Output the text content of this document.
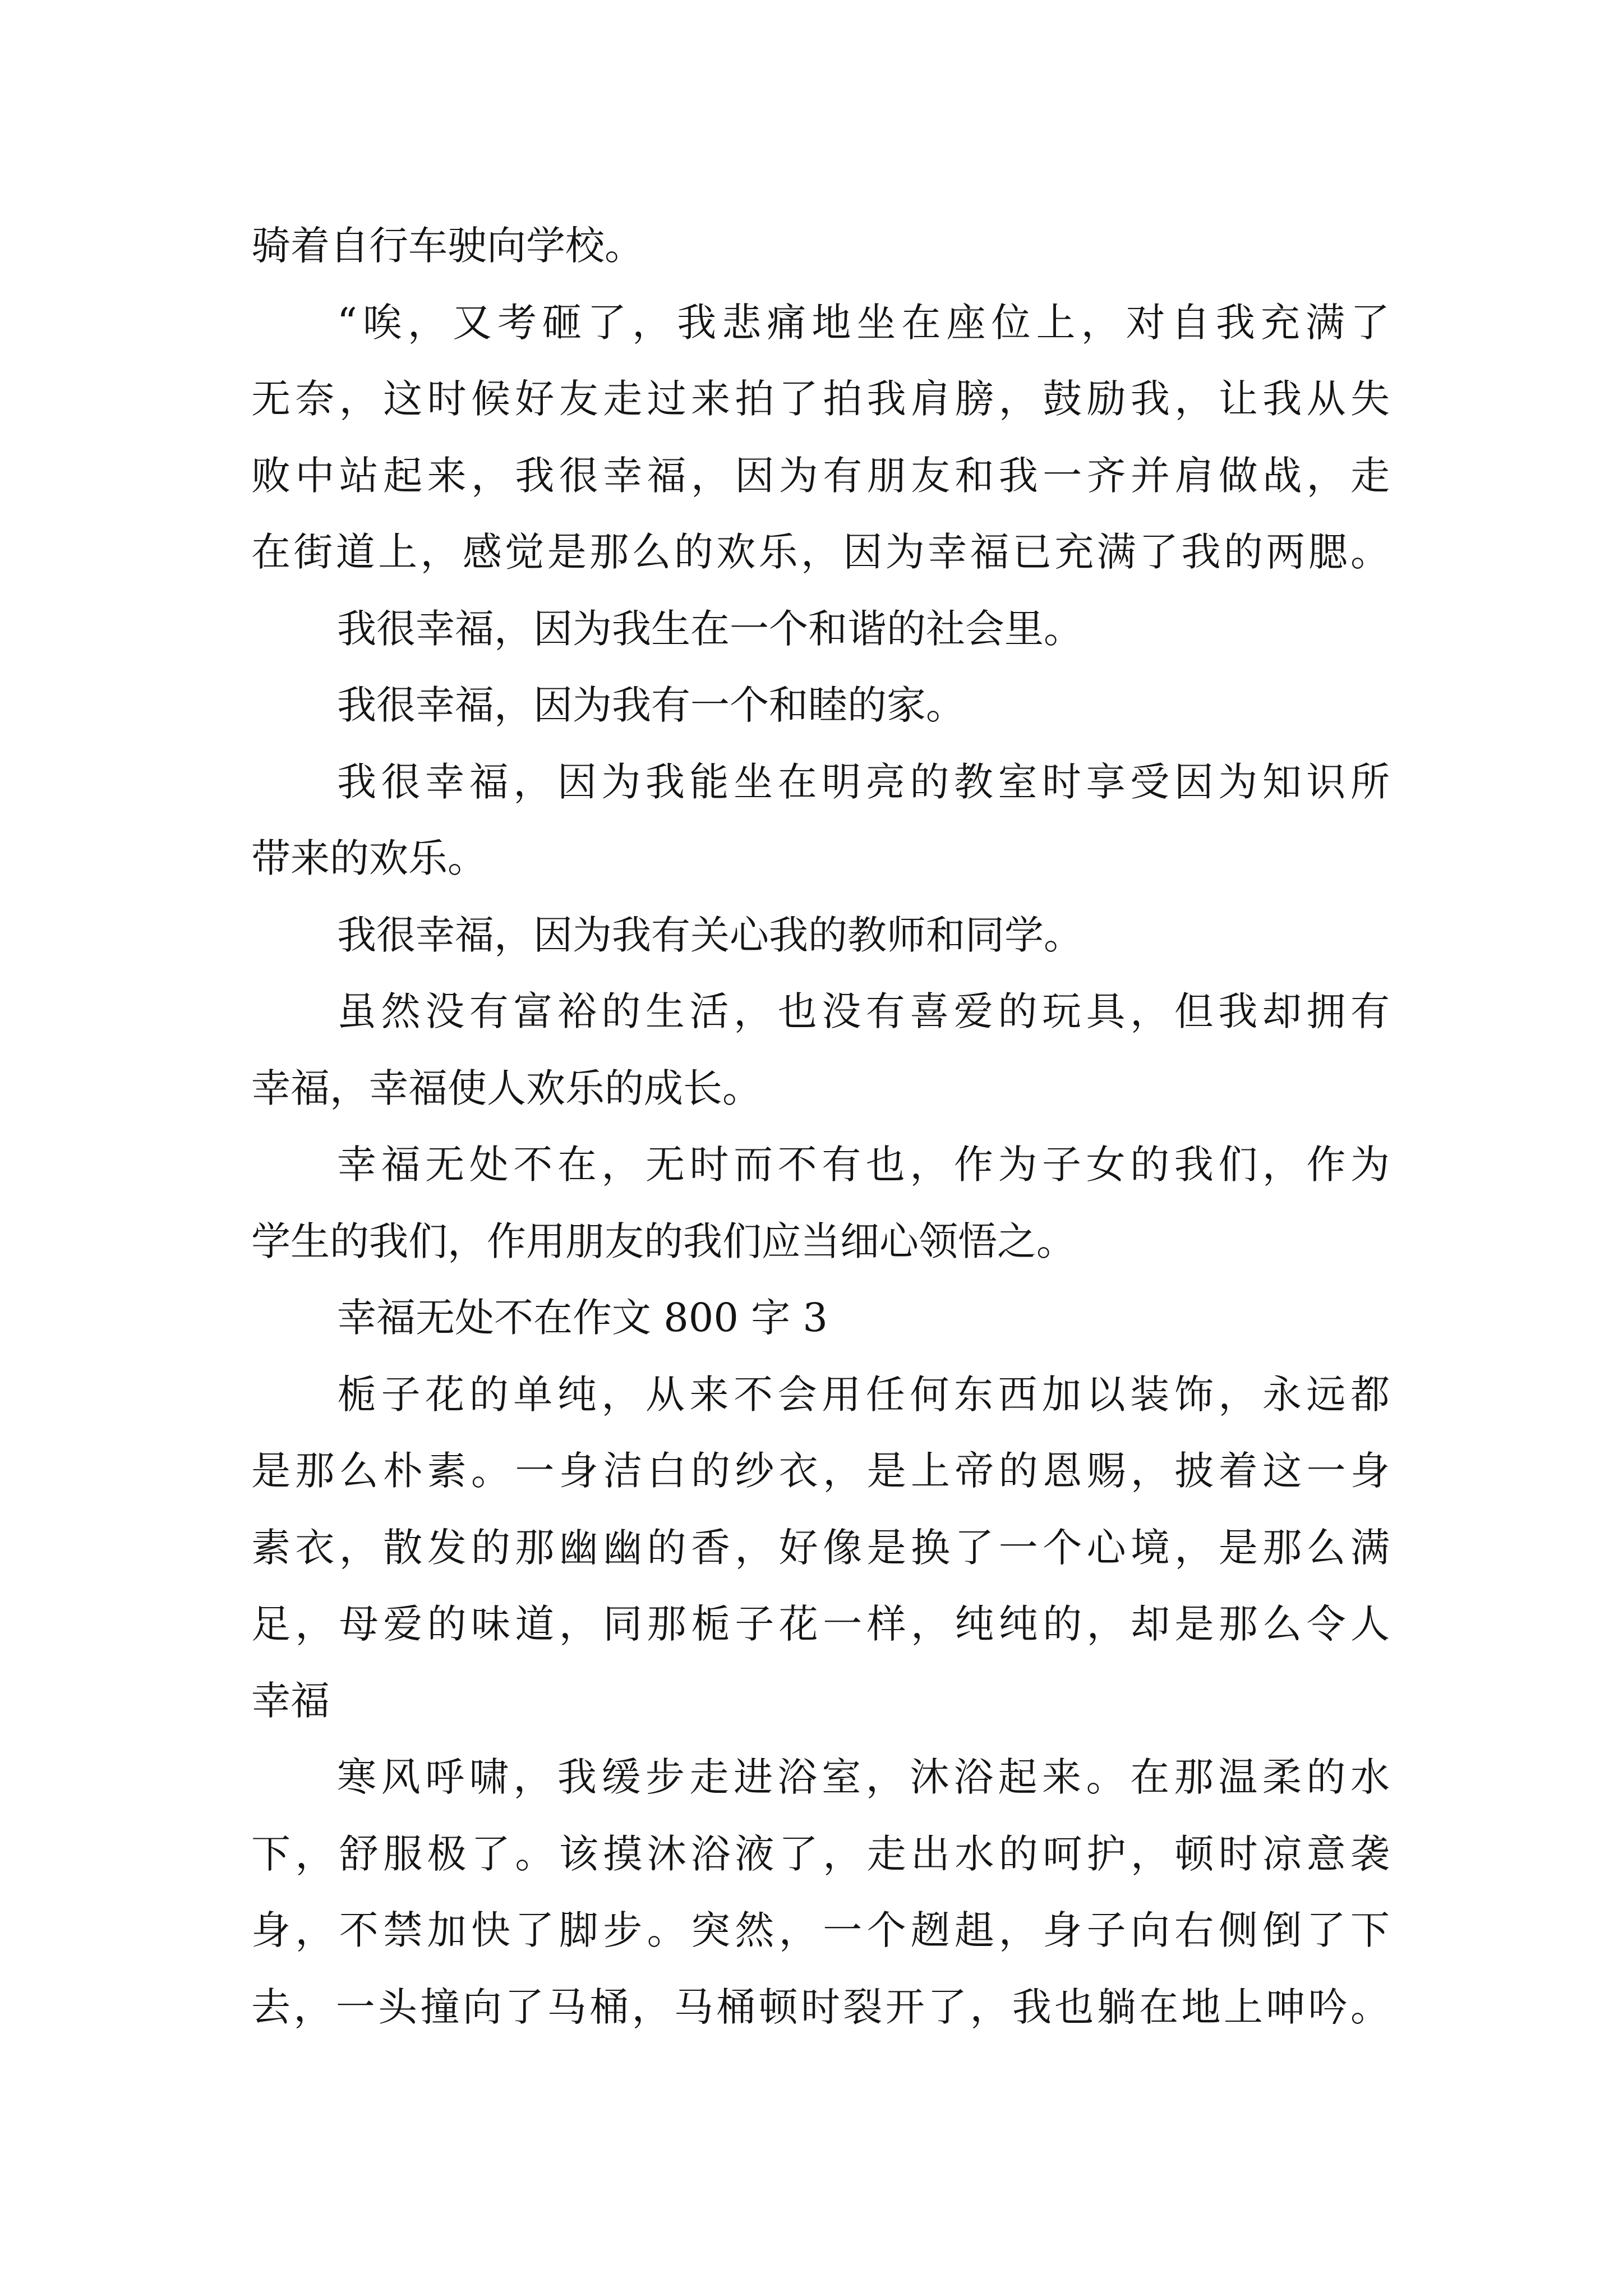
骑着自行车驶向学校。
“唉，又考砸了，我悲痛地坐在座位上，对自我充满了
无奈，这时候好友走过来拍了拍我肩膀，鼓励我，让我从失
败中站起来，我很幸福，因为有朋友和我一齐并肩做战，走
在街道上，感觉是那么的欢乐，因为幸福已充满了我的两腮。
我很幸福，因为我生在一个和谐的社会里。
我很幸福，因为我有一个和睦的家。
我很幸福，因为我能坐在明亮的教室时享受因为知识所
带来的欢乐。
我很幸福，因为我有关心我的教师和同学。
虽然没有富裕的生活，也没有喜爱的玩具，但我却拥有
幸福，幸福使人欢乐的成长。
幸福无处不在，无时而不有也，作为子女的我们，作为
学生的我们，作用朋友的我们应当细心领悟之。
幸福无处不在作文 800 字 3
栀子花的单纯，从来不会用任何东西加以装饰，永远都
是那么朴素。一身洁白的纱衣，是上帝的恩赐，披着这一身
素衣，散发的那幽幽的香，好像是换了一个心境，是那么满
足，母爱的味道，同那栀子花一样，纯纯的，却是那么令人
幸福
寒风呼啸，我缓步走进浴室，沐浴起来。在那温柔的水
下，舒服极了。该摸沐浴液了，走出水的呵护，顿时凉意袭
身，不禁加快了脚步。突然，一个趔趄，身子向右侧倒了下
去，一头撞向了马桶，马桶顿时裂开了，我也躺在地上呻吟。
